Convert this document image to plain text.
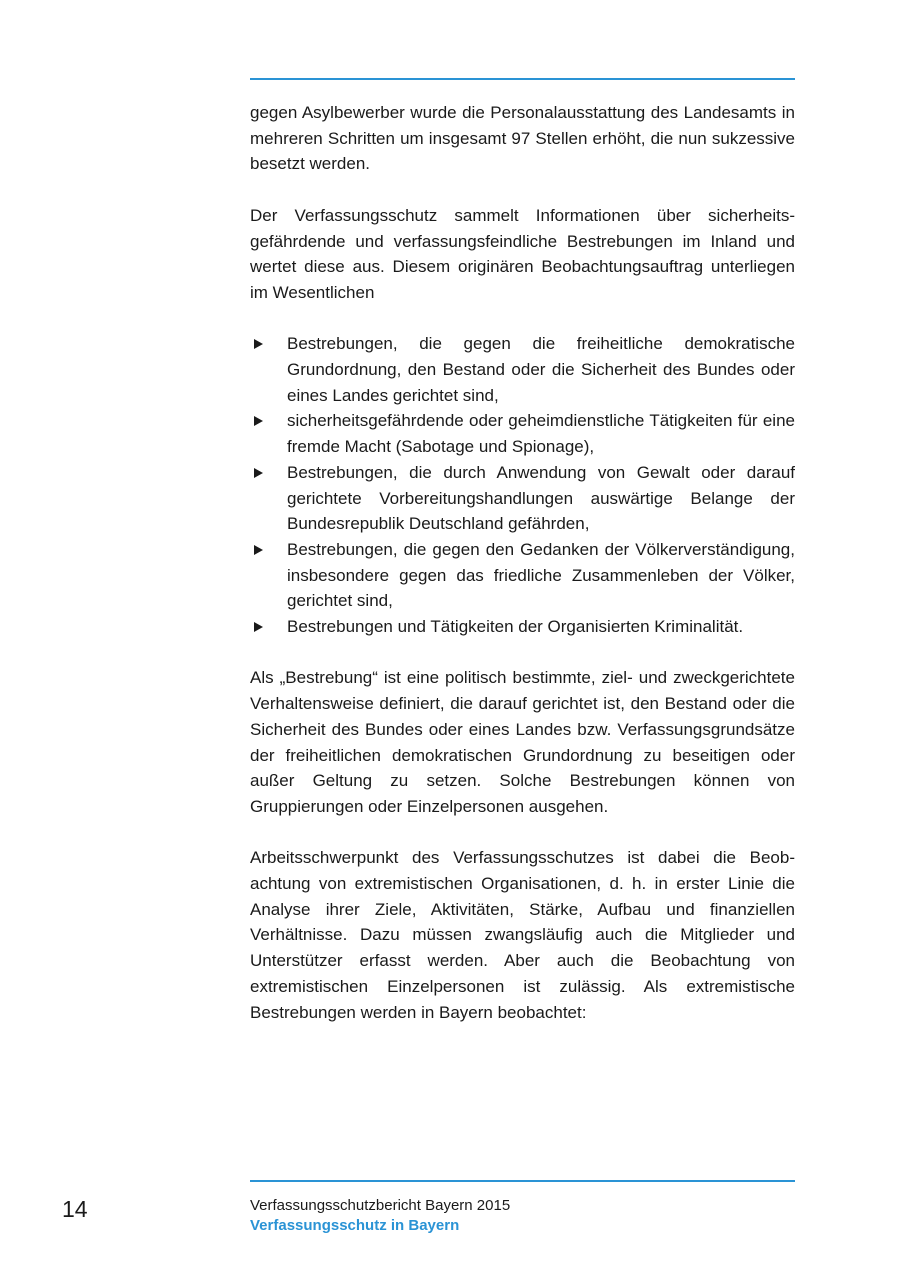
gegen Asylbewerber wurde die Personalausstattung des Landesamts in mehreren Schritten um insgesamt 97 Stellen erhöht, die nun sukzessive besetzt werden.

Der Verfassungsschutz sammelt Informationen über sicherheitsgefährdende und verfassungsfeindliche Bestrebungen im Inland und wertet diese aus. Diesem originären Beobachtungsauftrag unterliegen im Wesentlichen

Bestrebungen, die gegen die freiheitliche demokratische Grundordnung, den Bestand oder die Sicherheit des Bundes oder eines Landes gerichtet sind,
sicherheitsgefährdende oder geheimdienstliche Tätigkeiten für eine fremde Macht (Sabotage und Spionage),
Bestrebungen, die durch Anwendung von Gewalt oder darauf gerichtete Vorbereitungshandlungen auswärtige Belange der Bundesrepublik Deutschland gefährden,
Bestrebungen, die gegen den Gedanken der Völkerverständigung, insbesondere gegen das friedliche Zusammenleben der Völker, gerichtet sind,
Bestrebungen und Tätigkeiten der Organisierten Kriminalität.

Als „Bestrebung“ ist eine politisch bestimmte, ziel- und zweckgerichtete Verhaltensweise definiert, die darauf gerichtet ist, den Bestand oder die Sicherheit des Bundes oder eines Landes bzw. Verfassungsgrundsätze der freiheitlichen demokratischen Grundordnung zu beseitigen oder außer Geltung zu setzen. Solche Bestrebungen können von Gruppierungen oder Einzelpersonen ausgehen.

Arbeitsschwerpunkt des Verfassungsschutzes ist dabei die Beobachtung von extremistischen Organisationen, d. h. in erster Linie die Analyse ihrer Ziele, Aktivitäten, Stärke, Aufbau und finanziellen Verhältnisse. Dazu müssen zwangsläufig auch die Mitglieder und Unterstützer erfasst werden. Aber auch die Beobachtung von extremistischen Einzelpersonen ist zulässig. Als extremistische Bestrebungen werden in Bayern beobachtet:

14	Verfassungsschutzbericht Bayern 2015
Verfassungsschutz in Bayern
